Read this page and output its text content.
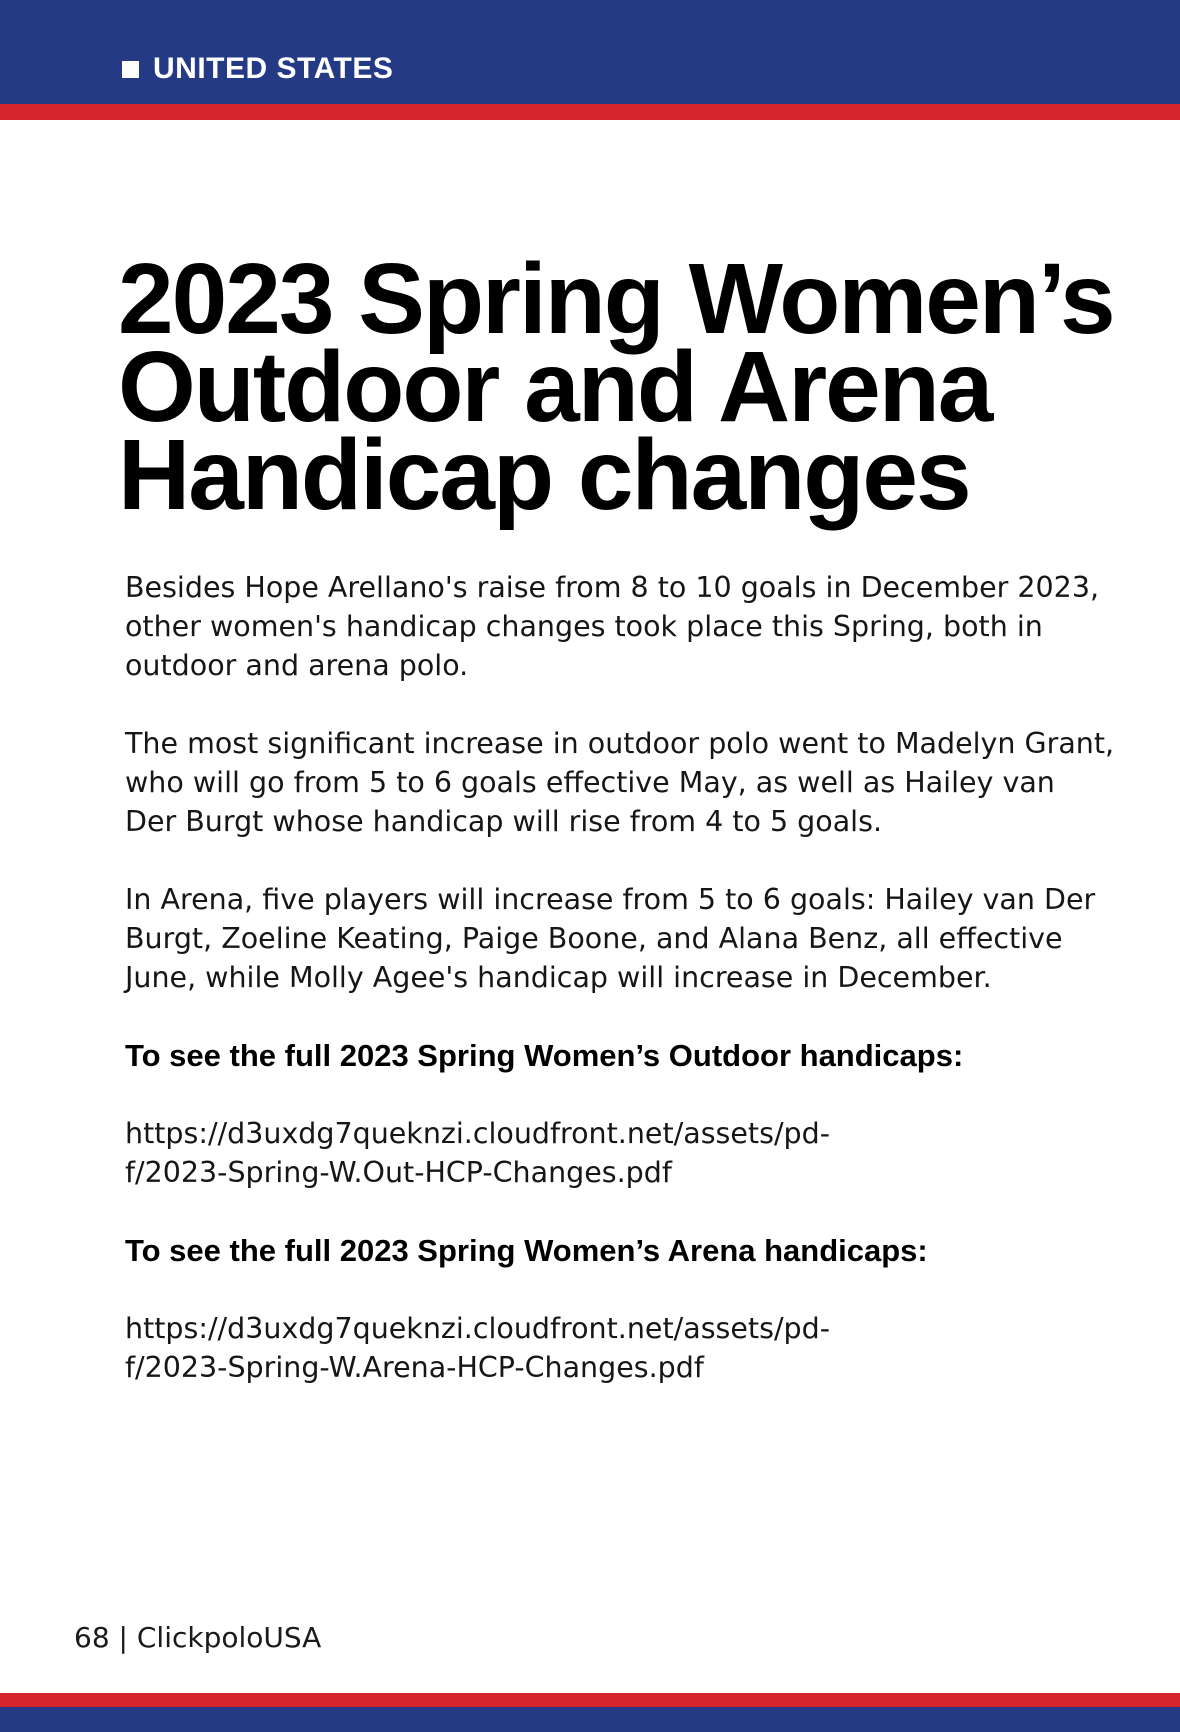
UNITED STATES
2023 Spring Women’s
Outdoor and Arena
Handicap changes

Besides Hope Arellano's raise from 8 to 10 goals in December 2023, other women's handicap changes took place this Spring, both in outdoor and arena polo.

The most significant increase in outdoor polo went to Madelyn Grant, who will go from 5 to 6 goals effective May, as well as Hailey van Der Burgt whose handicap will rise from 4 to 5 goals.

In Arena, five players will increase from 5 to 6 goals: Hailey van Der Burgt, Zoeline Keating, Paige Boone, and Alana Benz, all effective June, while Molly Agee's handicap will increase in December.

To see the full 2023 Spring Women’s Outdoor handicaps:

https://d3uxdg7queknzi.cloudfront.net/assets/pd-
f/2023-Spring-W.Out-HCP-Changes.pdf

To see the full 2023 Spring Women’s Arena handicaps:

https://d3uxdg7queknzi.cloudfront.net/assets/pd-
f/2023-Spring-W.Arena-HCP-Changes.pdf

68 | ClickpoloUSA
